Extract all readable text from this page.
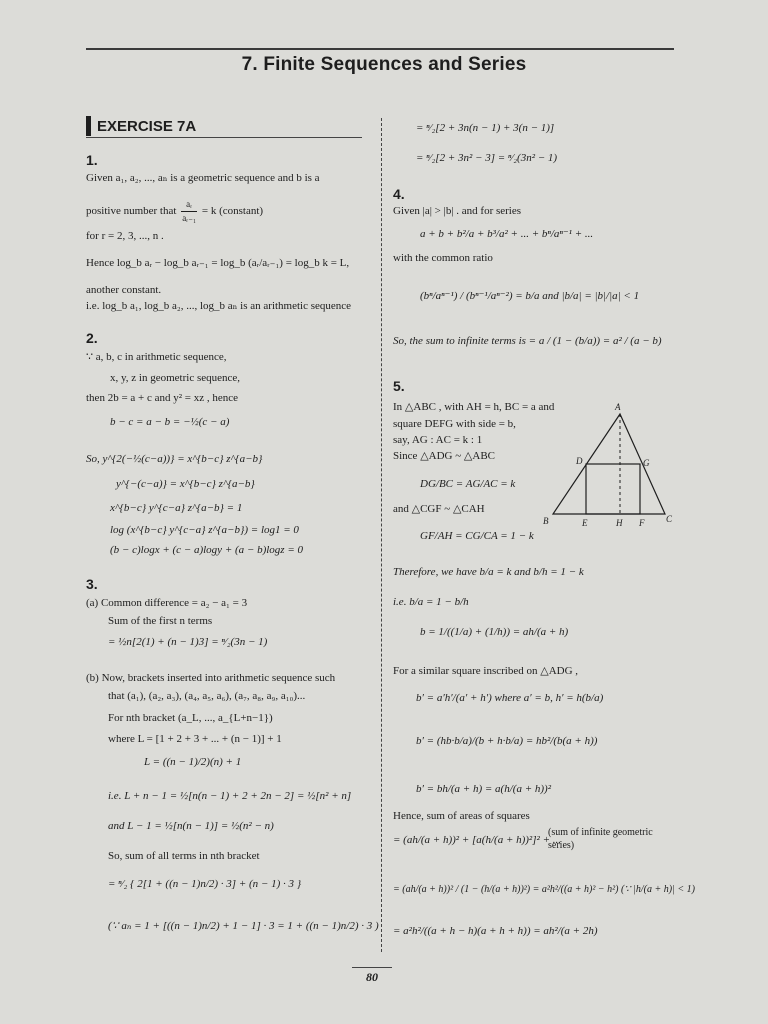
7. Finite Sequences and Series
EXERCISE 7A
1.
Given a₁, a₂, ..., aₙ is a geometric sequence and b is a
positive number that $\frac{\text{aᵣ}}{\text{aᵣ₋₁}} = k$ (constant)
for r = 2, 3, ..., n .
Hence log_b aᵣ − log_b aᵣ₋₁ = log_b (aᵣ/aᵣ₋₁) = log_b k = L,
another constant.
i.e. log_b a₁, log_b a₂, ..., log_b aₙ is an arithmetic sequence
2.
∵ a, b, c in arithmetic sequence,
x, y, z in geometric sequence,
then 2b = a + c and y² = xz , hence
b − c = a − b = −½(c − a)
So, y^{2(−½(c−a))} = x^{b−c} z^{a−b}
y^{−(c−a)} = x^{b−c} z^{a−b}
x^{b−c} y^{c−a} z^{a−b} = 1
log (x^{b−c} y^{c−a} z^{a−b}) = log1 = 0
(b − c)logx + (c − a)logy + (a − b)logz = 0
3.
(a) Common difference = a₂ − a₁ = 3
Sum of the first n terms
= ½n[2(1) + (n − 1)3] = ⁿ⁄₂(3n − 1)
(b) Now, brackets inserted into arithmetic sequence such
that (a₁), (a₂, a₃), (a₄, a₅, a₆), (a₇, a₈, a₉, a₁₀)...
For nth bracket (a_L, ..., a_{L+n−1})
where L = [1 + 2 + 3 + ... + (n − 1)] + 1
L = ((n − 1)/2)(n) + 1
i.e. L + n − 1 = ½[n(n − 1) + 2 + 2n − 2] = ½[n² + n]
and L − 1 = ½[n(n − 1)] = ½(n² − n)
So, sum of all terms in nth bracket
= ⁿ⁄₂ { 2[1 + ((n − 1)n/2) · 3] + (n − 1) · 3 }
(∵ aₙ = 1 + [((n − 1)n/2) + 1 − 1] · 3 = 1 + ((n − 1)n/2) · 3 )
= ⁿ⁄₂[2 + 3n(n − 1) + 3(n − 1)]
= ⁿ⁄₂[2 + 3n² − 3] = ⁿ⁄₂(3n² − 1)
4.
Given |a| > |b| . and for series
a + b + b²/a + b³/a² + ... + bⁿ/aⁿ⁻¹ + ...
with the common ratio
(bⁿ/aⁿ⁻¹) / (bⁿ⁻¹/aⁿ⁻²) = b/a and |b/a| = |b|/|a| < 1
So, the sum to infinite terms is = a / (1 − (b/a)) = a² / (a − b)
5.
In △ABC , with AH = h, BC = a and
square DEFG with side = b,
say, AG : AC = k : 1
Since △ADG ~ △ABC
DG/BC = AG/AC = k
and △CGF ~ △CAH
GF/AH = CG/CA = 1 − k
Therefore, we have b/a = k and b/h = 1 − k
i.e. b/a = 1 − b/h
b = 1/((1/a) + (1/h)) = ah/(a + h)
For a similar square inscribed on △ADG ,
b′ = a′h′/(a′ + h′) where a′ = b, h′ = h(b/a)
b′ = (hb·b/a)/(b + h·b/a) = hb²/(b(a + h))
b′ = bh/(a + h) = a(h/(a + h))²
Hence, sum of areas of squares
= (ah/(a + h))² + [a(h/(a + h))²]² + ...
(sum of infinite geometric series)
= (ah/(a + h))² / (1 − (h/(a + h))²) = a²h²/((a + h)² − h²) (∵ |h/(a + h)| < 1)
= a²h²/((a + h − h)(a + h + h)) = ah²/(a + 2h)
A
B	C
D
E	F
G
H
80
